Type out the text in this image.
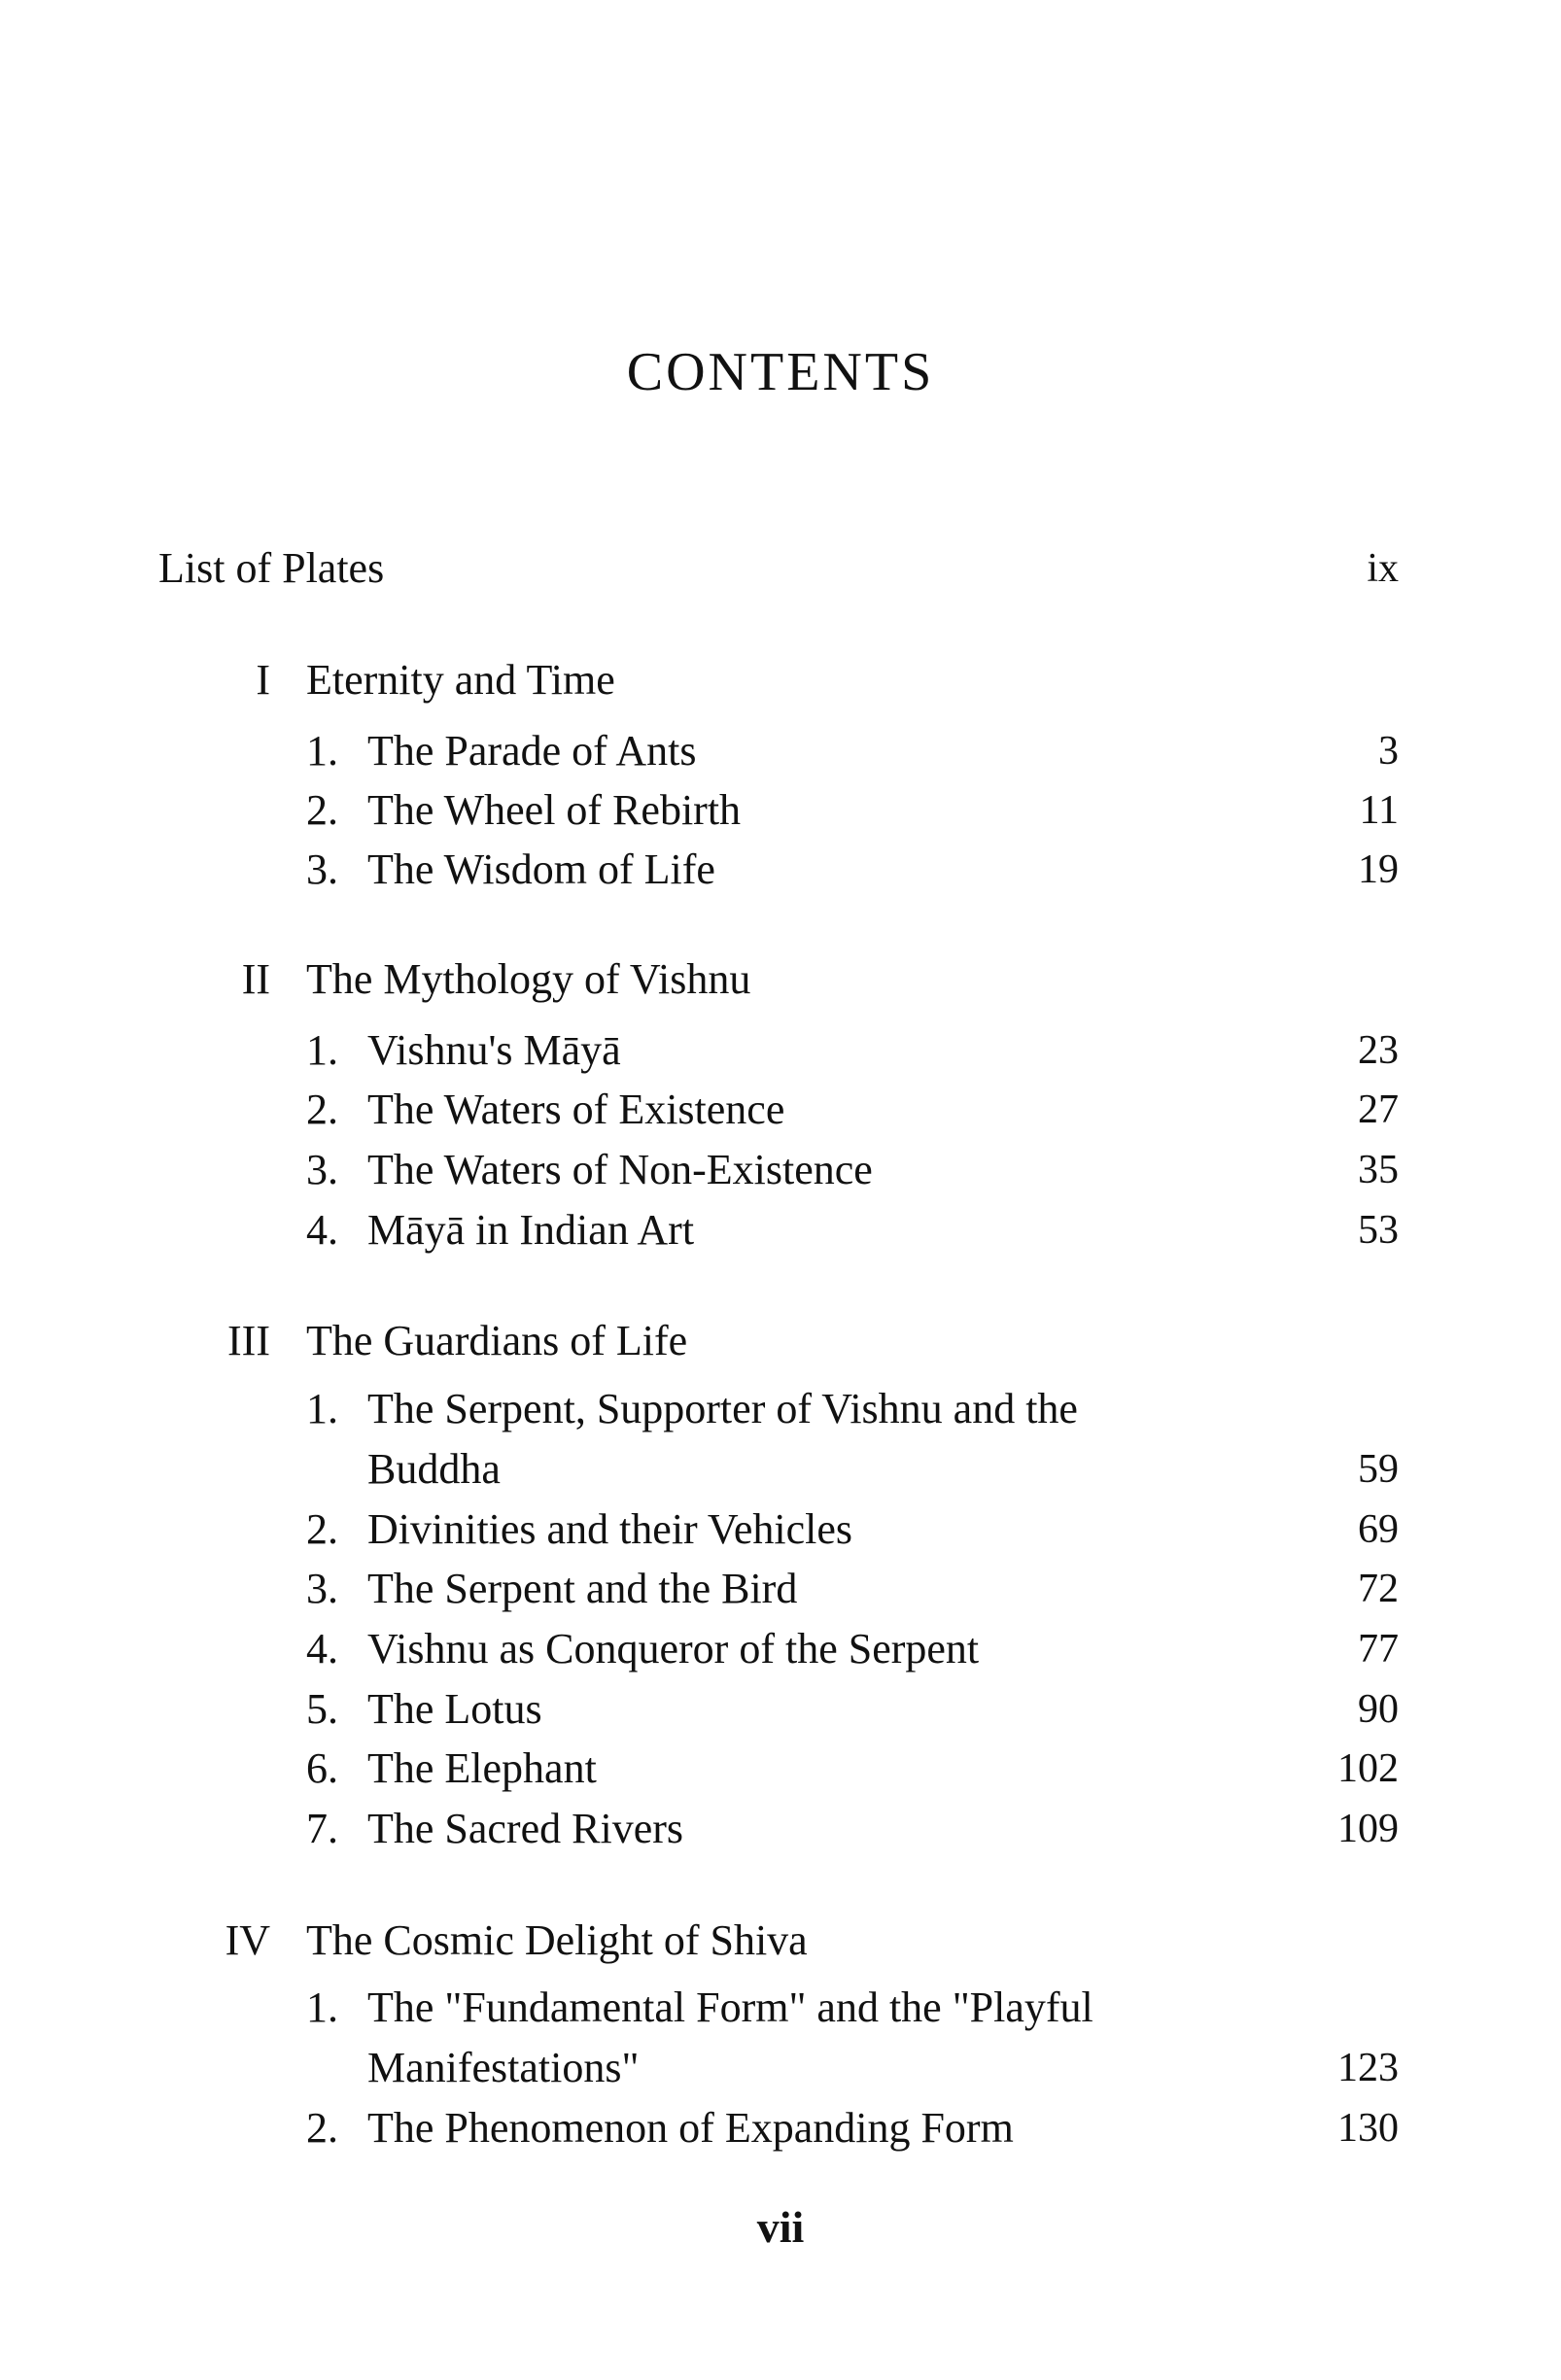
CONTENTS
List of Plates	ix
I Eternity and Time
1. The Parade of Ants	3
2. The Wheel of Rebirth	11
3. The Wisdom of Life	19
II The Mythology of Vishnu
1. Vishnu's Māyā	23
2. The Waters of Existence	27
3. The Waters of Non-Existence	35
4. Māyā in Indian Art	53
III The Guardians of Life
1. The Serpent, Supporter of Vishnu and the
Buddha	59
2. Divinities and their Vehicles	69
3. The Serpent and the Bird	72
4. Vishnu as Conqueror of the Serpent	77
5. The Lotus	90
6. The Elephant	102
7. The Sacred Rivers	109
IV The Cosmic Delight of Shiva
1. The "Fundamental Form" and the "Playful
Manifestations"	123
2. The Phenomenon of Expanding Form	130
vii
